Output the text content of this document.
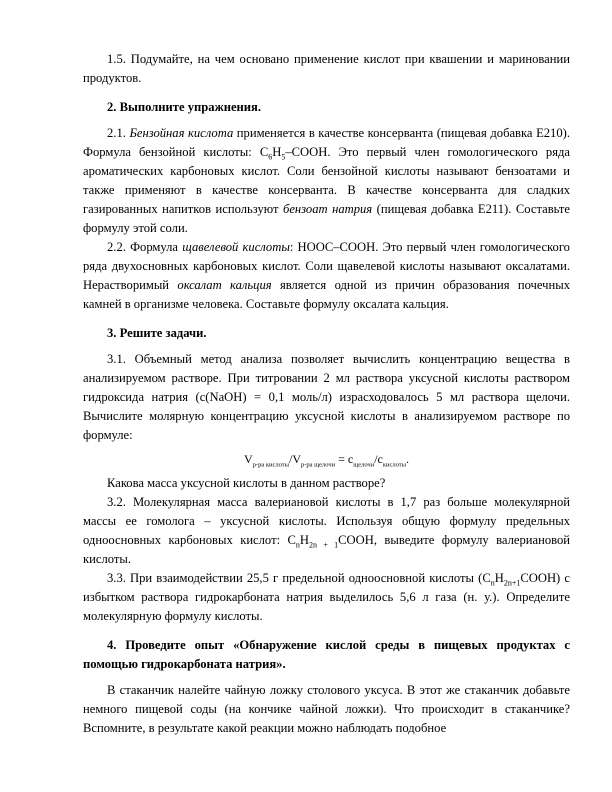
1.5. Подумайте, на чем основано применение кислот при квашении и мариновании продуктов.

2. Выполните упражнения.

2.1. Бензойная кислота применяется в качестве консерванта (пищевая добавка Е210). Формула бензойной кислоты: $C_6H_5$–COOH. Это первый член гомологического ряда ароматических карбоновых кислот. Соли бензойной кислоты называют бензоатами и также применяют в качестве консерванта. В качестве консерванта для сладких газированных напитков используют бензоат натрия (пищевая добавка Е211). Составьте формулу этой соли.

2.2. Формула щавелевой кислоты: HOOC–COOH. Это первый член гомологического ряда двухосновных карбоновых кислот. Соли щавелевой кислоты называют оксалатами. Нерастворимый оксалат кальция является одной из причин образования почечных камней в организме человека. Составьте формулу оксалата кальция.

3. Решите задачи.

3.1. Объемный метод анализа позволяет вычислить концентрацию вещества в анализируемом растворе. При титровании 2 мл раствора уксусной кислоты раствором гидроксида натрия (c(NaOH) = 0,1 моль/л) израсходовалось 5 мл раствора щелочи. Вычислите молярную концентрацию уксусной кислоты в анализируемом растворе по формуле:

$V_{р-ра кислоты}/V_{р-ра щелочи} = c_{щелочи}/c_{кислоты}$.

Какова масса уксусной кислоты в данном растворе?

3.2. Молекулярная масса валериановой кислоты в 1,7 раз больше молекулярной массы ее гомолога – уксусной кислоты. Используя общую формулу предельных одноосновных карбоновых кислот: $C_nH_{2n + 1}COOH$, выведите формулу валериановой кислоты.

3.3. При взаимодействии 25,5 г предельной одноосновной кислоты $(C_nH_{2n+1}COOH)$ с избытком раствора гидрокарбоната натрия выделилось 5,6 л газа (н. у.). Определите молекулярную формулу кислоты.

4. Проведите опыт «Обнаружение кислой среды в пищевых продуктах с помощью гидрокарбоната натрия».

В стаканчик налейте чайную ложку столового уксуса. В этот же стаканчик добавьте немного пищевой соды (на кончике чайной ложки). Что происходит в стаканчике? Вспомните, в результате какой реакции можно наблюдать подобное
